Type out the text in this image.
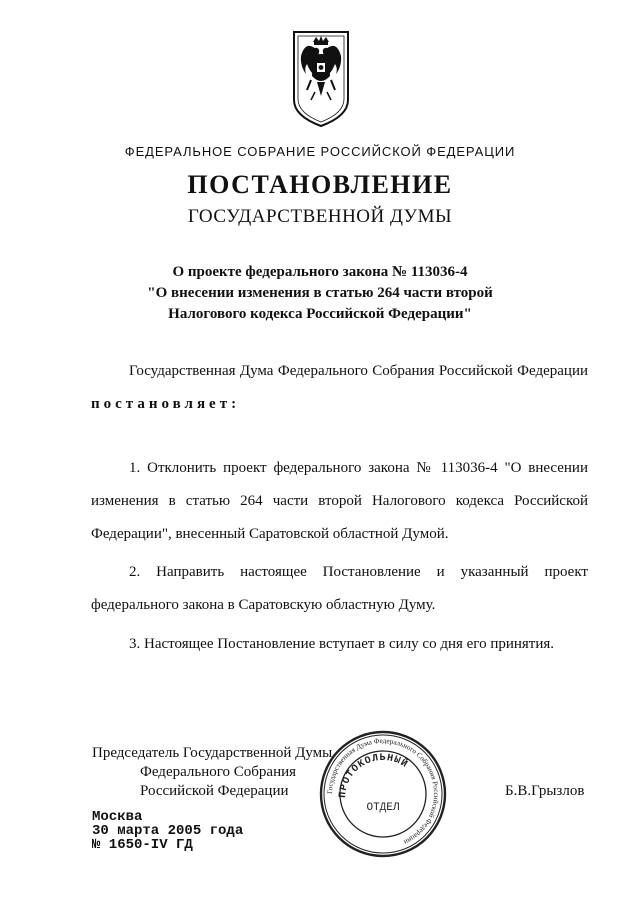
ФЕДЕРАЛЬНОЕ СОБРАНИЕ РОССИЙСКОЙ ФЕДЕРАЦИИ
ПОСТАНОВЛЕНИЕ
ГОСУДАРСТВЕННОЙ ДУМЫ
О проекте федерального закона № 113036-4
"О внесении изменения в статью 264 части второй
Налогового кодекса Российской Федерации"
Государственная Дума Федерального Собрания Российской Федерации постановляет:
1. Отклонить проект федерального закона № 113036-4 "О внесении изменения в статью 264 части второй Налогового кодекса Российской Федерации", внесенный Саратовской областной Думой.
2. Направить настоящее Постановление и указанный проект федерального закона в Саратовскую областную Думу.
3. Настоящее Постановление вступает в силу со дня его принятия.
Председатель Государственной Думы
Федерального Собрания
Российской Федерации	Б.В.Грызлов
Государственная Дума Федерального Собрания Российской Федерации
ПРОТОКОЛЬНЫЙ
ОТДЕЛ
Москва
30 марта 2005 года
№ 1650-IV ГД
